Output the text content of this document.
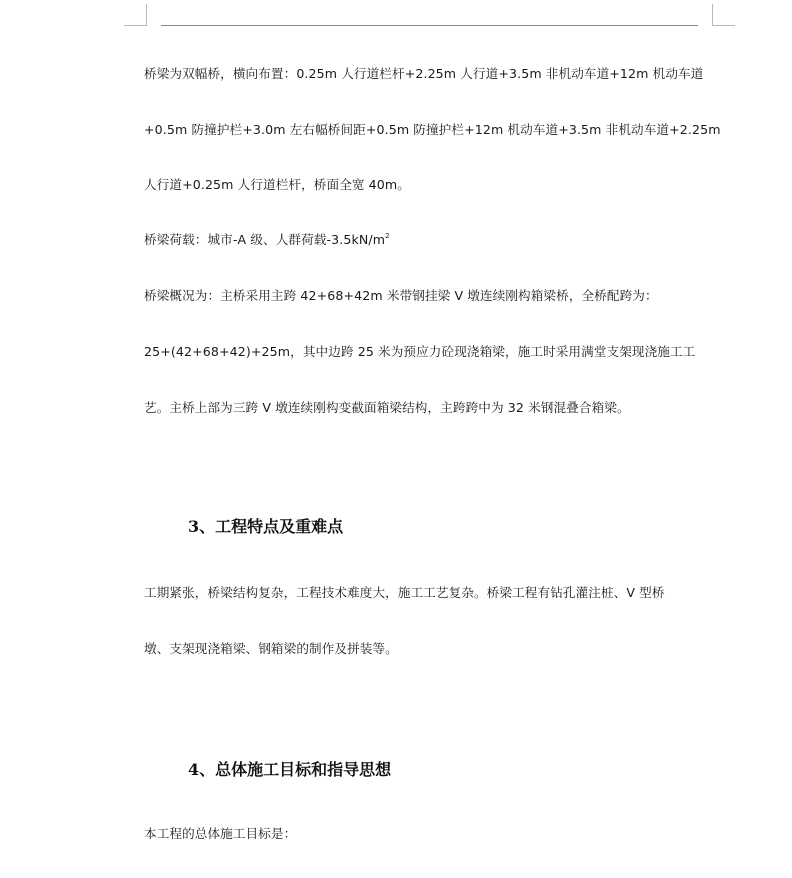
桥梁为双幅桥，横向布置：0.25m 人行道栏杆+2.25m 人行道+3.5m 非机动车道+12m 机动车道
+0.5m 防撞护栏+3.0m 左右幅桥间距+0.5m 防撞护栏+12m 机动车道+3.5m 非机动车道+2.25m
人行道+0.25m 人行道栏杆，桥面全宽 40m。
桥梁荷载：城市-A 级、人群荷载$-3.5kN/m^2$
桥梁概况为：主桥采用主跨 42+68+42m 米带钢挂梁 V 墩连续刚构箱梁桥，全桥配跨为：
25+(42+68+42)+25m，其中边跨 25 米为预应力砼现浇箱梁，施工时采用满堂支架现浇施工工
艺。主桥上部为三跨 V 墩连续刚构变截面箱梁结构，主跨跨中为 32 米钢混叠合箱梁。
3、工程特点及重难点
工期紧张，桥梁结构复杂，工程技术难度大，施工工艺复杂。桥梁工程有钻孔灌注桩、V 型桥
墩、支架现浇箱梁、钢箱梁的制作及拼装等。
4、总体施工目标和指导思想
本工程的总体施工目标是：
